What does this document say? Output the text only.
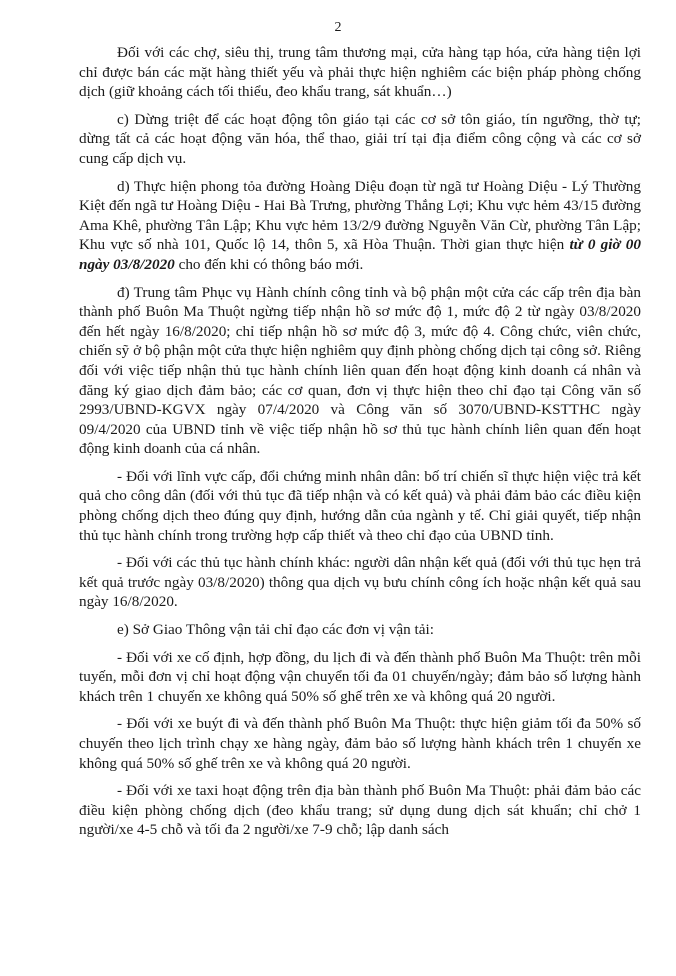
2

Đối với các chợ, siêu thị, trung tâm thương mại, cửa hàng tạp hóa, cửa hàng tiện lợi chỉ được bán các mặt hàng thiết yếu và phải thực hiện nghiêm các biện pháp phòng chống dịch (giữ khoảng cách tối thiểu, đeo khẩu trang, sát khuẩn…)

c) Dừng triệt để các hoạt động tôn giáo tại các cơ sở tôn giáo, tín ngưỡng, thờ tự; dừng tất cả các hoạt động văn hóa, thể thao, giải trí tại địa điểm công cộng và các cơ sở cung cấp dịch vụ.

d) Thực hiện phong tỏa đường Hoàng Diệu đoạn từ ngã tư Hoàng Diệu - Lý Thường Kiệt đến ngã tư Hoàng Diệu - Hai Bà Trưng, phường Thắng Lợi; Khu vực hẻm 43/15 đường Ama Khê, phường Tân Lập; Khu vực hẻm 13/2/9 đường Nguyễn Văn Cừ, phường Tân Lập; Khu vực số nhà 101, Quốc lộ 14, thôn 5, xã Hòa Thuận. Thời gian thực hiện từ 0 giờ 00 ngày 03/8/2020 cho đến khi có thông báo mới.

đ) Trung tâm Phục vụ Hành chính công tỉnh và bộ phận một cửa các cấp trên địa bàn thành phố Buôn Ma Thuột ngừng tiếp nhận hồ sơ mức độ 1, mức độ 2 từ ngày 03/8/2020 đến hết ngày 16/8/2020; chỉ tiếp nhận hồ sơ mức độ 3, mức độ 4. Công chức, viên chức, chiến sỹ ở bộ phận một cửa thực hiện nghiêm quy định phòng chống dịch tại công sở. Riêng đối với việc tiếp nhận thủ tục hành chính liên quan đến hoạt động kinh doanh cá nhân và đăng ký giao dịch đảm bảo; các cơ quan, đơn vị thực hiện theo chỉ đạo tại Công văn số 2993/UBND-KGVX ngày 07/4/2020 và Công văn số 3070/UBND-KSTTHC ngày 09/4/2020 của UBND tỉnh về việc tiếp nhận hồ sơ thủ tục hành chính liên quan đến hoạt động kinh doanh của cá nhân.

- Đối với lĩnh vực cấp, đổi chứng minh nhân dân: bố trí chiến sĩ thực hiện việc trả kết quả cho công dân (đối với thủ tục đã tiếp nhận và có kết quả) và phải đảm bảo các điều kiện phòng chống dịch theo đúng quy định, hướng dẫn của ngành y tế. Chỉ giải quyết, tiếp nhận thủ tục hành chính trong trường hợp cấp thiết và theo chỉ đạo của UBND tỉnh.

- Đối với các thủ tục hành chính khác: người dân nhận kết quả (đối với thủ tục hẹn trả kết quả trước ngày 03/8/2020) thông qua dịch vụ bưu chính công ích hoặc nhận kết quả sau ngày 16/8/2020.

e) Sở Giao Thông vận tải chỉ đạo các đơn vị vận tải:

- Đối với xe cố định, hợp đồng, du lịch đi và đến thành phố Buôn Ma Thuột: trên mỗi tuyến, mỗi đơn vị chỉ hoạt động vận chuyển tối đa 01 chuyến/ngày; đảm bảo số lượng hành khách trên 1 chuyến xe không quá 50% số ghế trên xe và không quá 20 người.

- Đối với xe buýt đi và đến thành phố Buôn Ma Thuột: thực hiện giảm tối đa 50% số chuyến theo lịch trình chạy xe hàng ngày, đảm bảo số lượng hành khách trên 1 chuyến xe không quá 50% số ghế trên xe và không quá 20 người.

- Đối với xe taxi hoạt động trên địa bàn thành phố Buôn Ma Thuột: phải đảm bảo các điều kiện phòng chống dịch (đeo khẩu trang; sử dụng dung dịch sát khuẩn; chỉ chở 1 người/xe 4-5 chỗ và tối đa 2 người/xe 7-9 chỗ; lập danh sách
